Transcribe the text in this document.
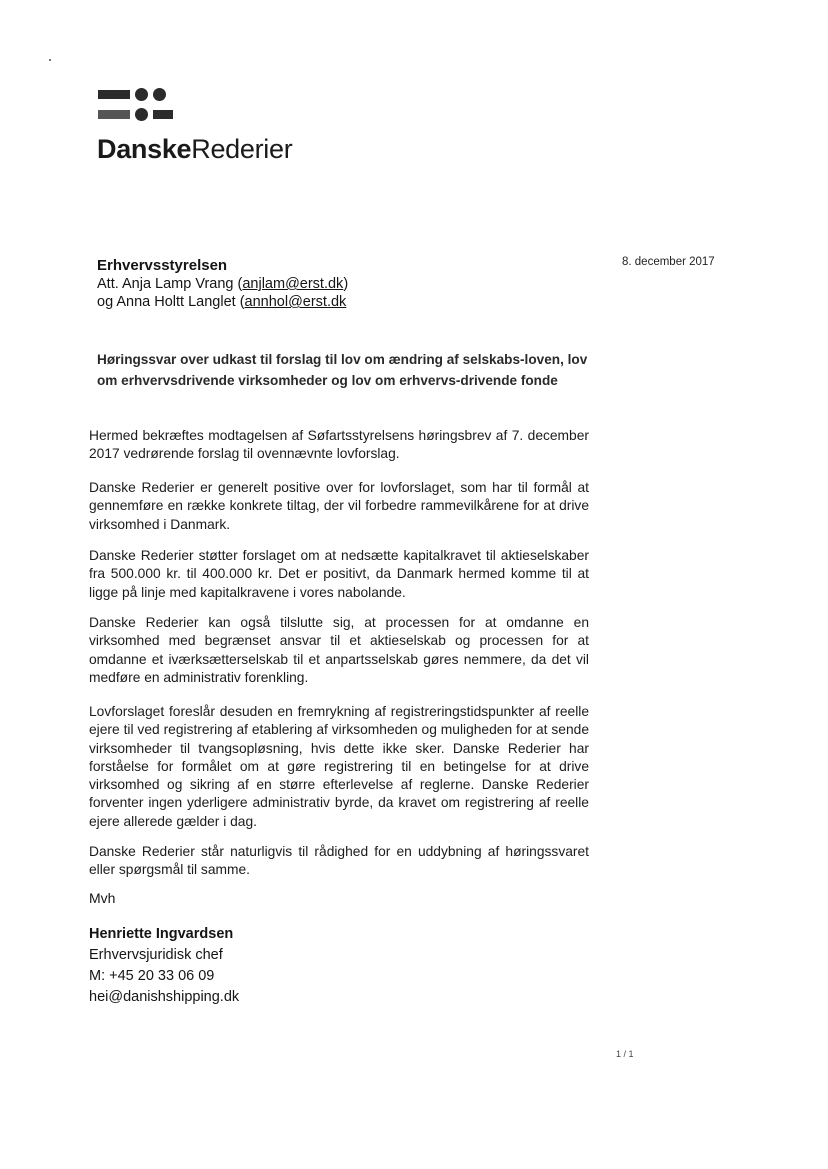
DanskeRederier
8. december 2017
Erhvervsstyrelsen
Att. Anja Lamp Vrang (anjlam@erst.dk)
og Anna Holtt Langlet (annhol@erst.dk
Høringssvar over udkast til forslag til lov om ændring af selskabs-loven, lov om erhvervsdrivende virksomheder og lov om erhvervs-drivende fonde
Hermed bekræftes modtagelsen af Søfartsstyrelsens høringsbrev af 7. december 2017 vedrørende forslag til ovennævnte lovforslag.
Danske Rederier er generelt positive over for lovforslaget, som har til formål at gennemføre en række konkrete tiltag, der vil forbedre rammevilkårene for at drive virksomhed i Danmark.
Danske Rederier støtter forslaget om at nedsætte kapitalkravet til aktieselskaber fra 500.000 kr. til 400.000 kr. Det er positivt, da Danmark hermed komme til at ligge på linje med kapitalkravene i vores nabolande.
Danske Rederier kan også tilslutte sig, at processen for at omdanne en virksomhed med begrænset ansvar til et aktieselskab og processen for at omdanne et iværksætterselskab til et anpartsselskab gøres nemmere, da det vil medføre en administrativ forenkling.
Lovforslaget foreslår desuden en fremrykning af registreringstidspunkter af reelle ejere til ved registrering af etablering af virksomheden og muligheden for at sende virksomheder til tvangsopløsning, hvis dette ikke sker. Danske Rederier har forståelse for formålet om at gøre registrering til en betingelse for at drive virksomhed og sikring af en større efterlevelse af reglerne. Danske Rederier forventer ingen yderligere administrativ byrde, da kravet om registrering af reelle ejere allerede gælder i dag.
Danske Rederier står naturligvis til rådighed for en uddybning af høringssvaret eller spørgsmål til samme.
Mvh
Henriette Ingvardsen
Erhvervsjuridisk chef
M: +45 20 33 06 09
hei@danishshipping.dk
1 / 1
